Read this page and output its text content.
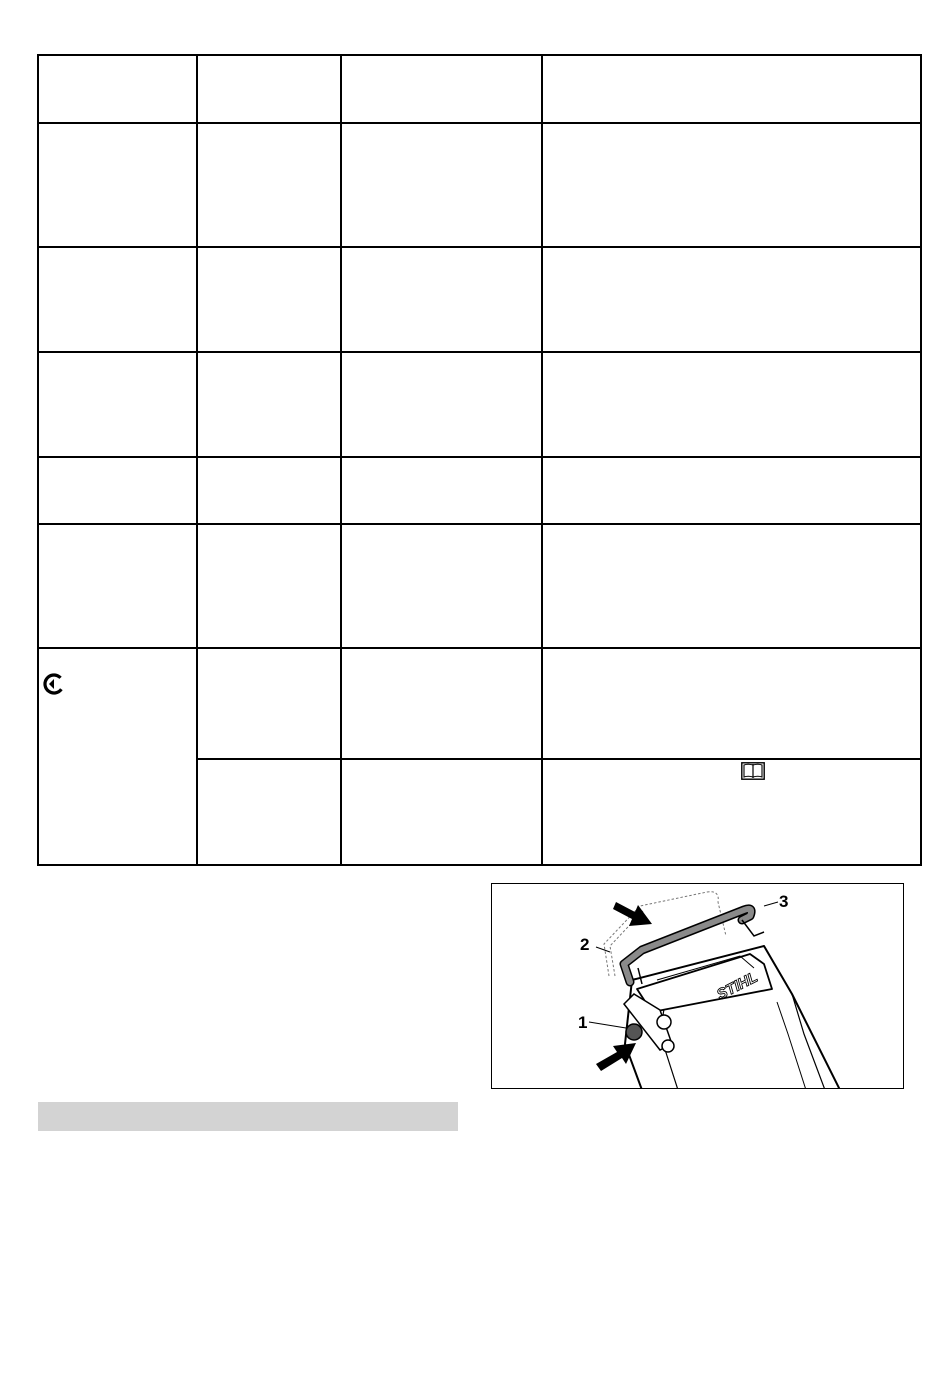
STIHL
1
2
3
